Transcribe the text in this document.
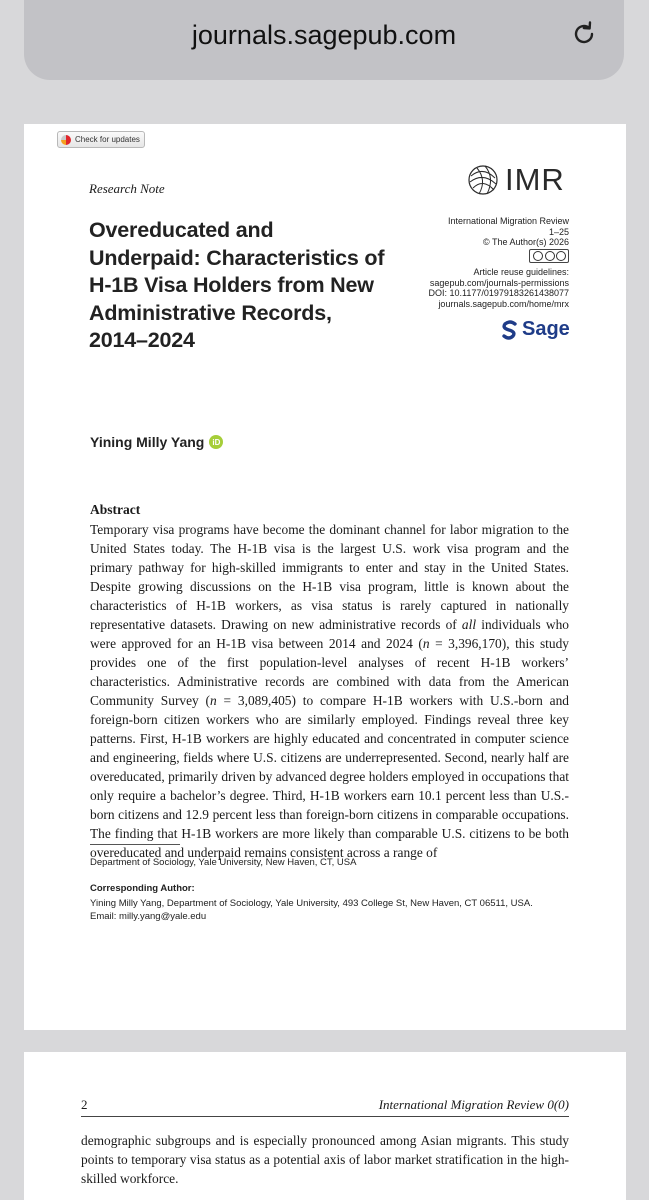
journals.sagepub.com
Check for updates
Research Note
Overeducated and Underpaid: Characteristics of H-1B Visa Holders from New Administrative Records, 2014–2024
IMR
International Migration Review
1–25
© The Author(s) 2026
Article reuse guidelines:
sagepub.com/journals-permissions
DOI: 10.1177/01979183261438077
journals.sagepub.com/home/mrx
Sage
Yining Milly Yang	iD
Abstract
Temporary visa programs have become the dominant channel for labor migration to the United States today. The H-1B visa is the largest U.S. work visa program and the primary pathway for high-skilled immigrants to enter and stay in the United States. Despite growing discussions on the H-1B visa program, little is known about the characteristics of H-1B workers, as visa status is rarely captured in nationally representative datasets. Drawing on new administrative records of all individuals who were approved for an H-1B visa between 2014 and 2024 (n = 3,396,170), this study provides one of the first population-level analyses of recent H-1B workers’ characteristics. Administrative records are combined with data from the American Community Survey (n = 3,089,405) to compare H-1B workers with U.S.-born and foreign-born citizen workers who are similarly employed. Findings reveal three key patterns. First, H-1B workers are highly educated and concentrated in computer science and engineering, fields where U.S. citizens are underrepresented. Second, nearly half are overeducated, primarily driven by advanced degree holders employed in occupations that only require a bachelor’s degree. Third, H-1B workers earn 10.1 percent less than U.S.-born citizens and 12.9 percent less than foreign-born citizens in comparable occupations. The finding that H-1B workers are more likely than comparable U.S. citizens to be both overeducated and underpaid remains consistent across a range of
Department of Sociology, Yale University, New Haven, CT, USA
Corresponding Author:
Yining Milly Yang, Department of Sociology, Yale University, 493 College St, New Haven, CT 06511, USA.
Email: milly.yang@yale.edu
2	International Migration Review 0(0)
demographic subgroups and is especially pronounced among Asian migrants. This study points to temporary visa status as a potential axis of labor market stratification in the high-skilled workforce.
